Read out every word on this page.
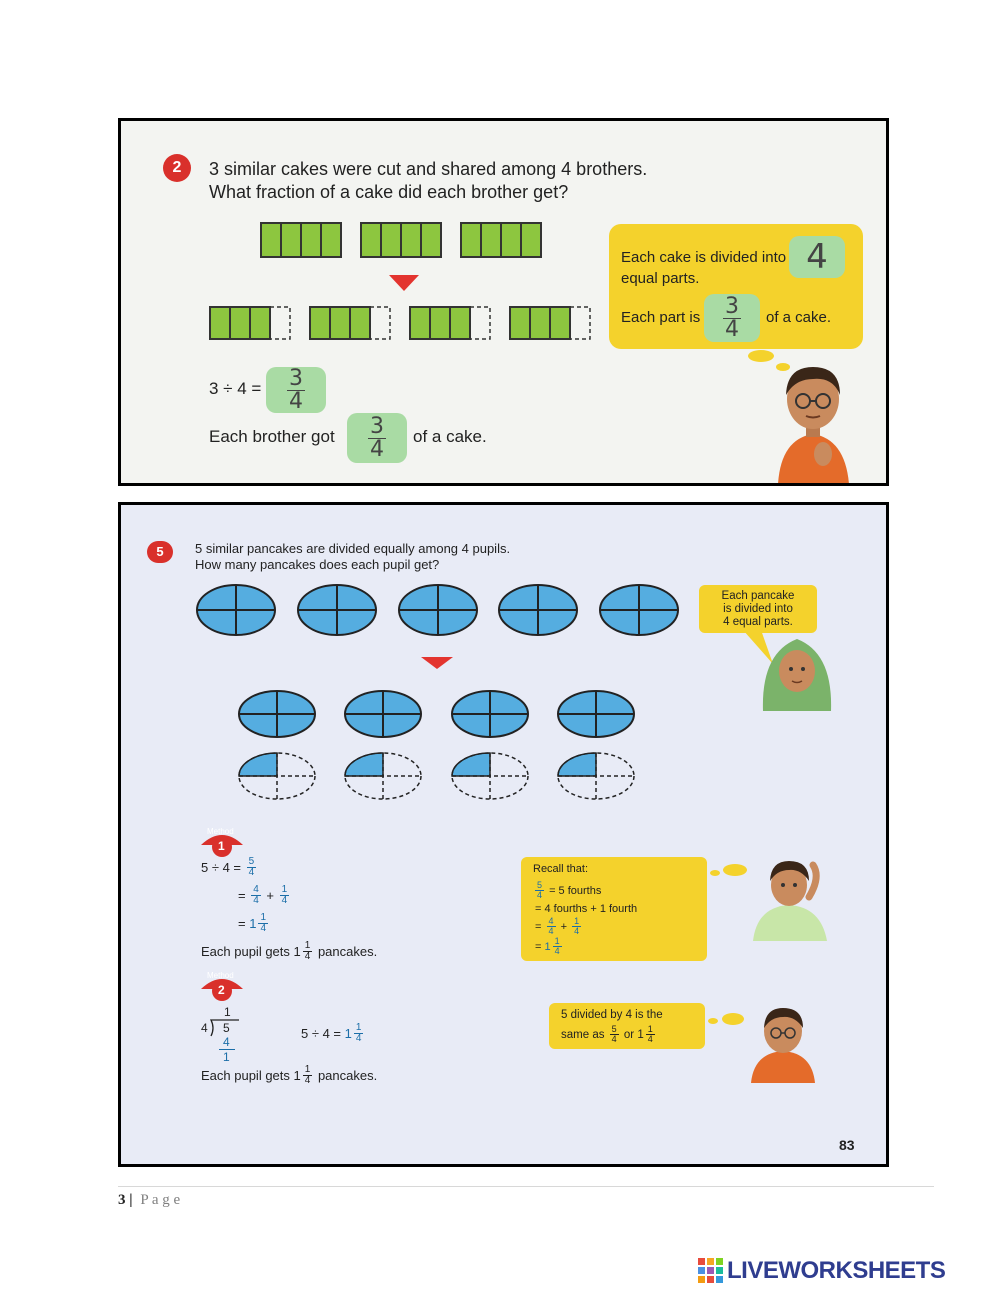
2	3 similar cakes were cut and shared among 4 brothers.
What fraction of a cake did each brother get?
Each cake is divided into 4
equal parts.
Each part is 3
4 of a cake.
3 ÷ 4 = 3
4
Each brother got 3
4 of a cake.
5	5 similar pancakes are divided equally among 4 pupils.
How many pancakes does each pupil get?
Each pancake
is divided into
4 equal parts.
Method
1
5 ÷ 4 =
$\frac{5}{4}$
=
$\frac{4}{4}$
+
$\frac{1}{4}$
=
1 1
4
Each pupil gets
1 1
4
pancakes.
Recall that:
$\frac{5}{4}$
= 5 fourths
= 4 fourths + 1 fourth
=
$\frac{4}{4}$
+
$\frac{1}{4}$
=
1 1
4
Method
2
1
4 5
4
1
5 ÷ 4 =
1 1
4
Each pupil gets
1 1
4
pancakes.
5 divided by 4 is the
same as
5
4
or
1 1
4
83
3 | P a g e
LIVEWORKSHEETS
